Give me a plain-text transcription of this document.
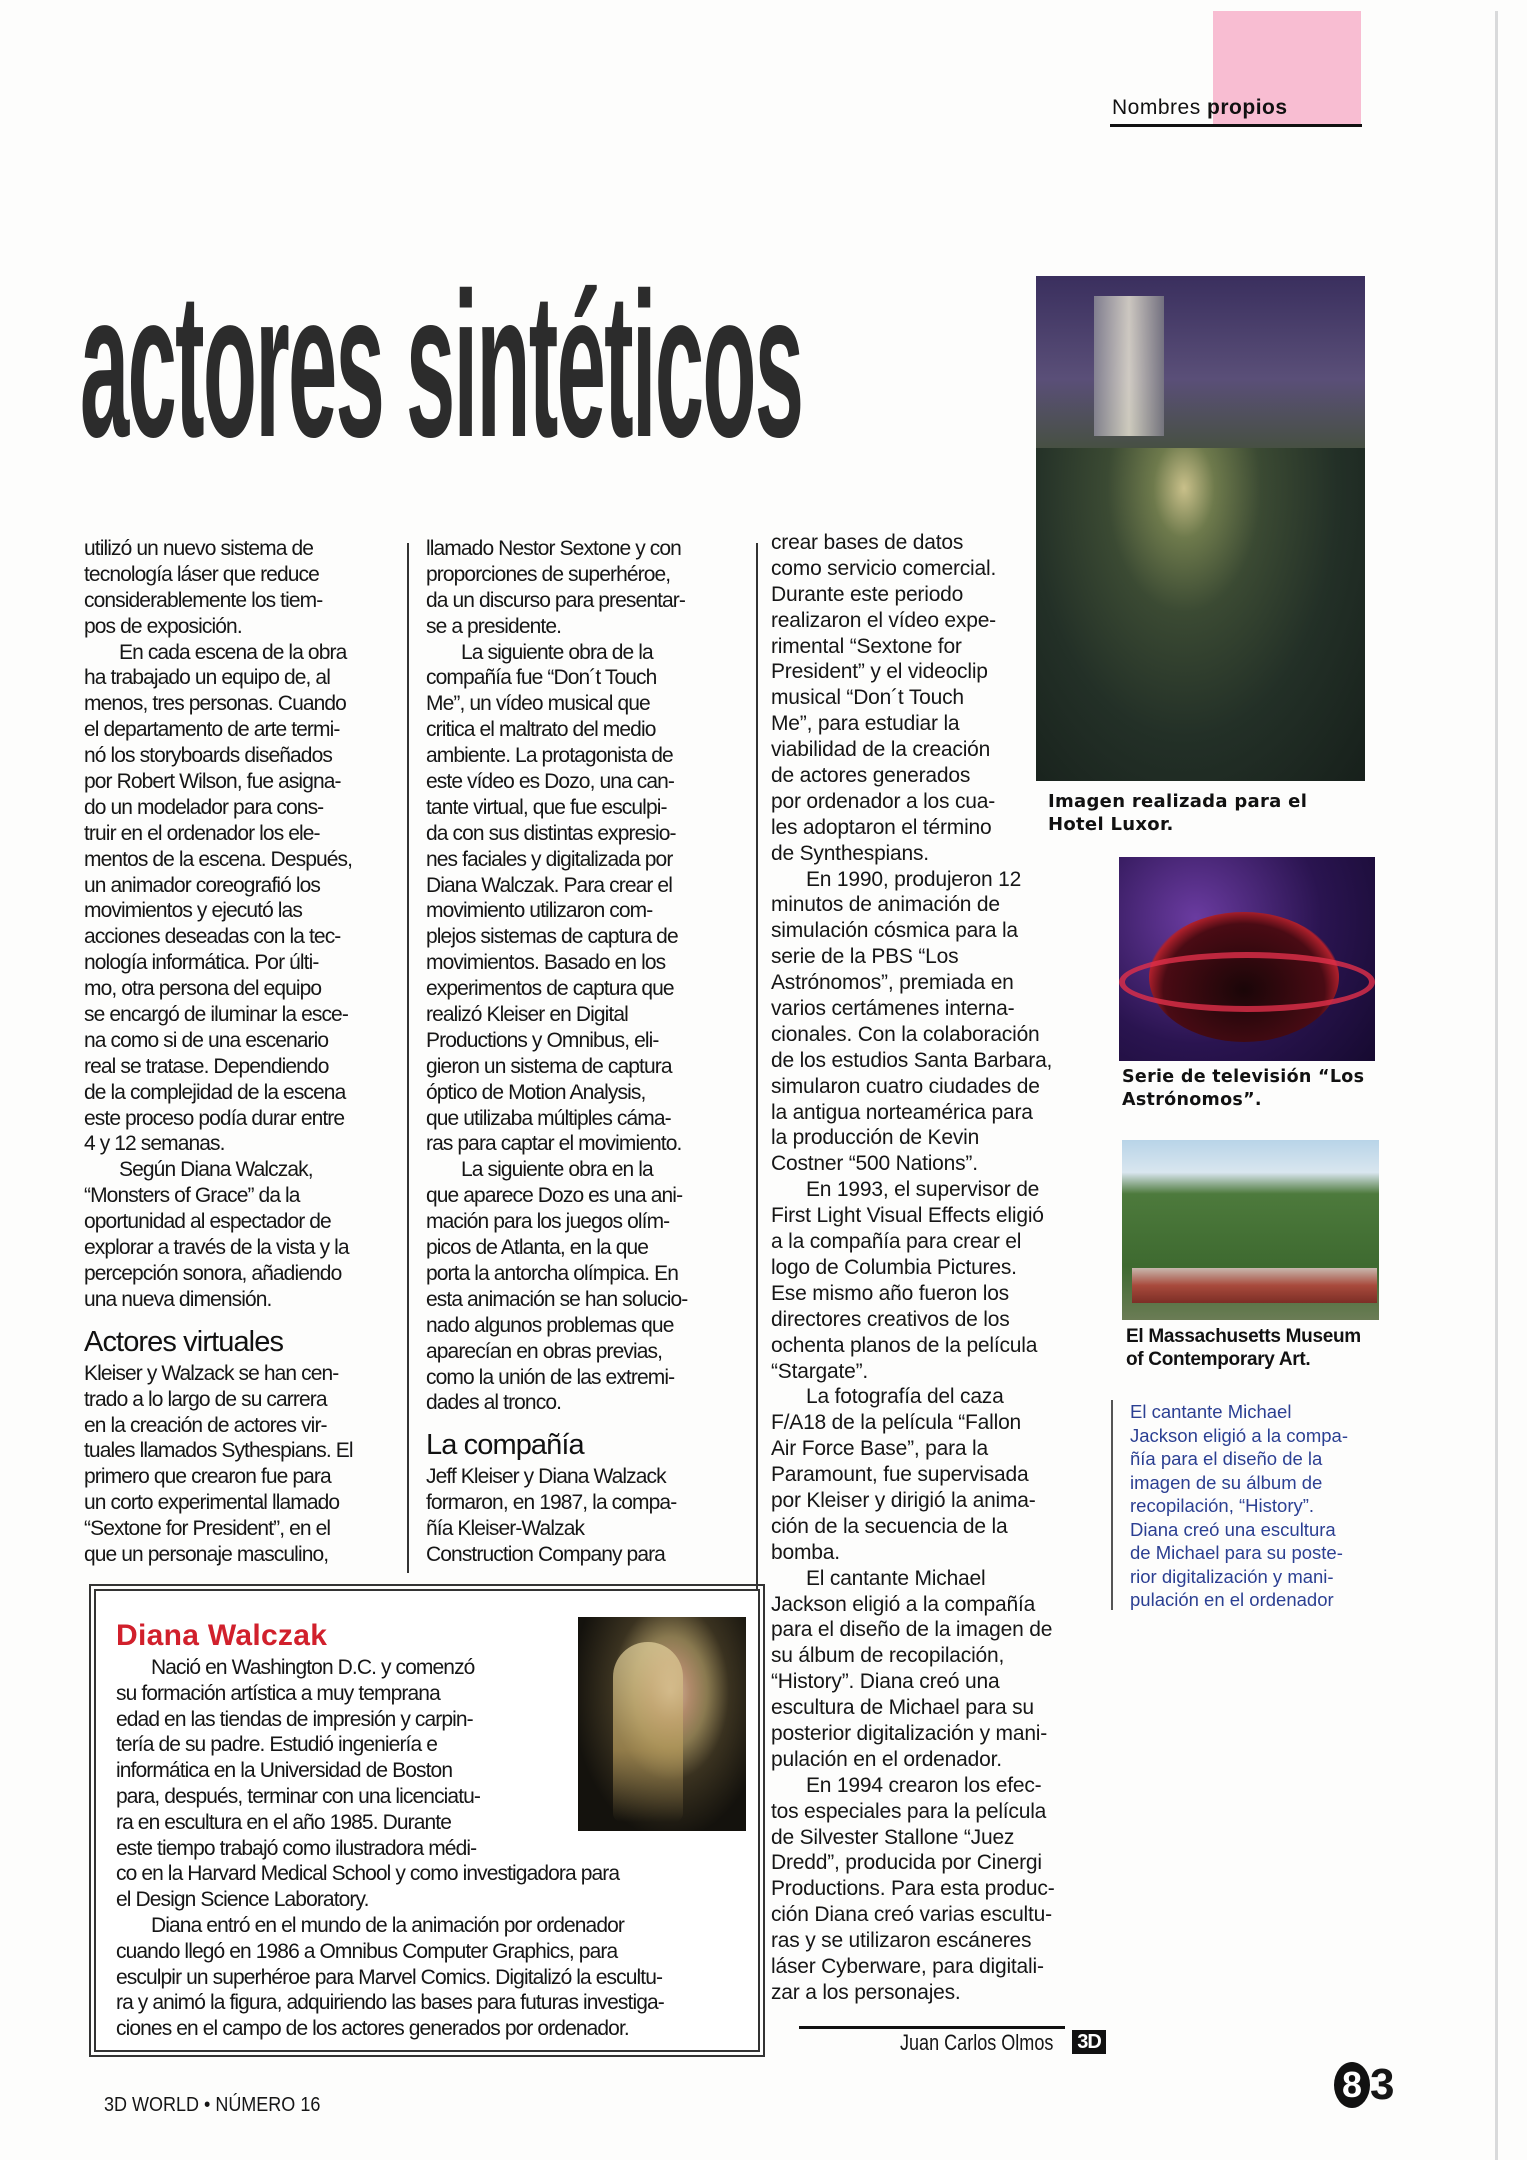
Nombres propios
actores sintéticos
utilizó un nuevo sistema de
tecnología láser que reduce
considerablemente los tiem-
pos de exposición.
En cada escena de la obra
ha trabajado un equipo de, al
menos, tres personas. Cuando
el departamento de arte termi-
nó los storyboards diseñados
por Robert Wilson, fue asigna-
do un modelador para cons-
truir en el ordenador los ele-
mentos de la escena. Después,
un animador coreografió los
movimientos y ejecutó las
acciones deseadas con la tec-
nología informática. Por últi-
mo, otra persona del equipo
se encargó de iluminar la esce-
na como si de una escenario
real se tratase. Dependiendo
de la complejidad de la escena
este proceso podía durar entre
4 y 12 semanas.
Según Diana Walczak,
“Monsters of Grace” da la
oportunidad al espectador de
explorar a través de la vista y la
percepción sonora, añadiendo
una nueva dimensión.
Actores virtuales
Kleiser y Walzack se han cen-
trado a lo largo de su carrera
en la creación de actores vir-
tuales llamados Sythespians. El
primero que crearon fue para
un corto experimental llamado
“Sextone for President”, en el
que un personaje masculino,
llamado Nestor Sextone y con
proporciones de superhéroe,
da un discurso para presentar-
se a presidente.
La siguiente obra de la
compañía fue “Don´t Touch
Me”, un vídeo musical que
critica el maltrato del medio
ambiente. La protagonista de
este vídeo es Dozo, una can-
tante virtual, que fue esculpi-
da con sus distintas expresio-
nes faciales y digitalizada por
Diana Walczak. Para crear el
movimiento utilizaron com-
plejos sistemas de captura de
movimientos. Basado en los
experimentos de captura que
realizó Kleiser en Digital
Productions y Omnibus, eli-
gieron un sistema de captura
óptico de Motion Analysis,
que utilizaba múltiples cáma-
ras para captar el movimiento.
La siguiente obra en la
que aparece Dozo es una ani-
mación para los juegos olím-
picos de Atlanta, en la que
porta la antorcha olímpica. En
esta animación se han solucio-
nado algunos problemas que
aparecían en obras previas,
como la unión de las extremi-
dades al tronco.
La compañía
Jeff Kleiser y Diana Walzack
formaron, en 1987, la compa-
ñía Kleiser-Walzak
Construction Company para
crear bases de datos
como servicio comercial.
Durante este periodo
realizaron el vídeo expe-
rimental “Sextone for
President” y el videoclip
musical “Don´t Touch
Me”, para estudiar la
viabilidad de la creación
de actores generados
por ordenador a los cua-
les adoptaron el término
de Synthespians.
En 1990, produjeron 12
minutos de animación de
simulación cósmica para la
serie de la PBS “Los
Astrónomos”, premiada en
varios certámenes interna-
cionales. Con la colaboración
de los estudios Santa Barbara,
simularon cuatro ciudades de
la antigua norteamérica para
la producción de Kevin
Costner “500 Nations”.
En 1993, el supervisor de
First Light Visual Effects eligió
a la compañía para crear el
logo de Columbia Pictures.
Ese mismo año fueron los
directores creativos de los
ochenta planos de la película
“Stargate”.
La fotografía del caza
F/A18 de la película “Fallon
Air Force Base”, para la
Paramount, fue supervisada
por Kleiser y dirigió la anima-
ción de la secuencia de la
bomba.
El cantante Michael
Jackson eligió a la compañía
para el diseño de la imagen de
su álbum de recopilación,
“History”. Diana creó una
escultura de Michael para su
posterior digitalización y mani-
pulación en el ordenador.
En 1994 crearon los efec-
tos especiales para la película
de Silvester Stallone “Juez
Dredd”, producida por Cinergi
Productions. Para esta produc-
ción Diana creó varias escultu-
ras y se utilizaron escáneres
láser Cyberware, para digitali-
zar a los personajes.
Imagen realizada para el
Hotel Luxor.
Serie de televisión “Los
Astrónomos”.
El Massachusetts Museum
of Contemporary Art.
El cantante Michael
Jackson eligió a la compa-
ñía para el diseño de la
imagen de su álbum de
recopilación, “History”.
Diana creó una escultura
de Michael para su poste-
rior digitalización y mani-
pulación en el ordenador
Diana Walczak
Nació en Washington D.C. y comenzó
su formación artística a muy temprana
edad en las tiendas de impresión y carpin-
tería de su padre. Estudió ingeniería e
informática en la Universidad de Boston
para, después, terminar con una licenciatu-
ra en escultura en el año 1985. Durante
este tiempo trabajó como ilustradora médi-
co en la Harvard Medical School y como investigadora para
el Design Science Laboratory.
Diana entró en el mundo de la animación por ordenador
cuando llegó en 1986 a Omnibus Computer Graphics, para
esculpir un superhéroe para Marvel Comics. Digitalizó la escultu-
ra y animó la figura, adquiriendo las bases para futuras investiga-
ciones en el campo de los actores generados por ordenador.
Juan Carlos Olmos 3D
3D WORLD • NÚMERO 16	8 3
